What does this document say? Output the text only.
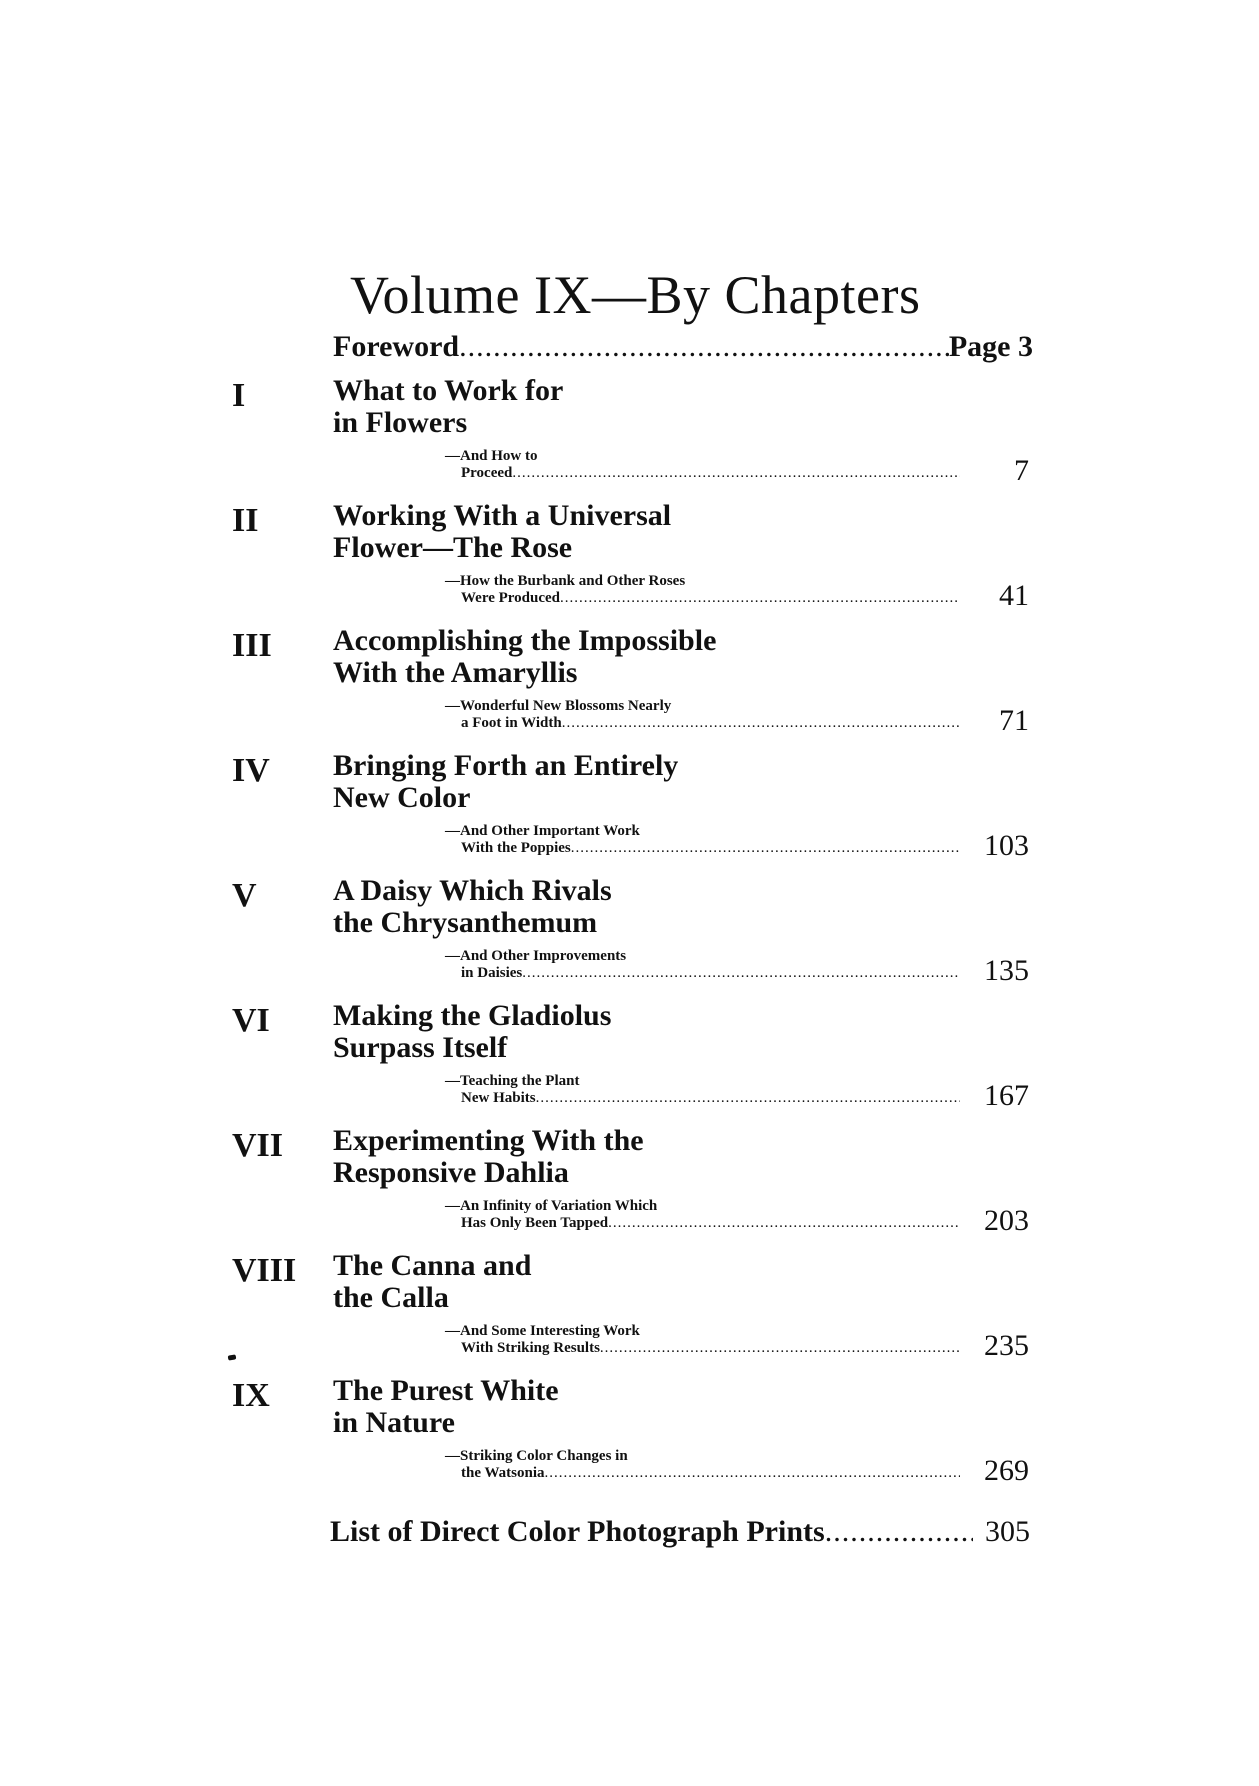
Volume IX—By Chapters
Foreword .....	Page 3
I	What to Work for
in Flowers
—And How to
Proceed .....	7
II Working With a Universal
Flower—The Rose
—How the Burbank and Other Roses
Were Produced .....	41
III Accomplishing the Impossible
With the Amaryllis
—Wonderful New Blossoms Nearly
a Foot in Width .....	71
IV Bringing Forth an Entirely
New Color
—And Other Important Work
With the Poppies .....	103
V	A Daisy Which Rivals
the Chrysanthemum
—And Other Improvements
in Daisies .....	135
VI Making the Gladiolus
Surpass Itself
—Teaching the Plant
New Habits .....	167
VII Experimenting With the
Responsive Dahlia
—An Infinity of Variation Which
Has Only Been Tapped .....	203
VIII The Canna and
the Calla
—And Some Interesting Work
With Striking Results .....	235
IX The Purest White
in Nature
—Striking Color Changes in
the Watsonia .....	269
List of Direct Color Photograph Prints .....	305
